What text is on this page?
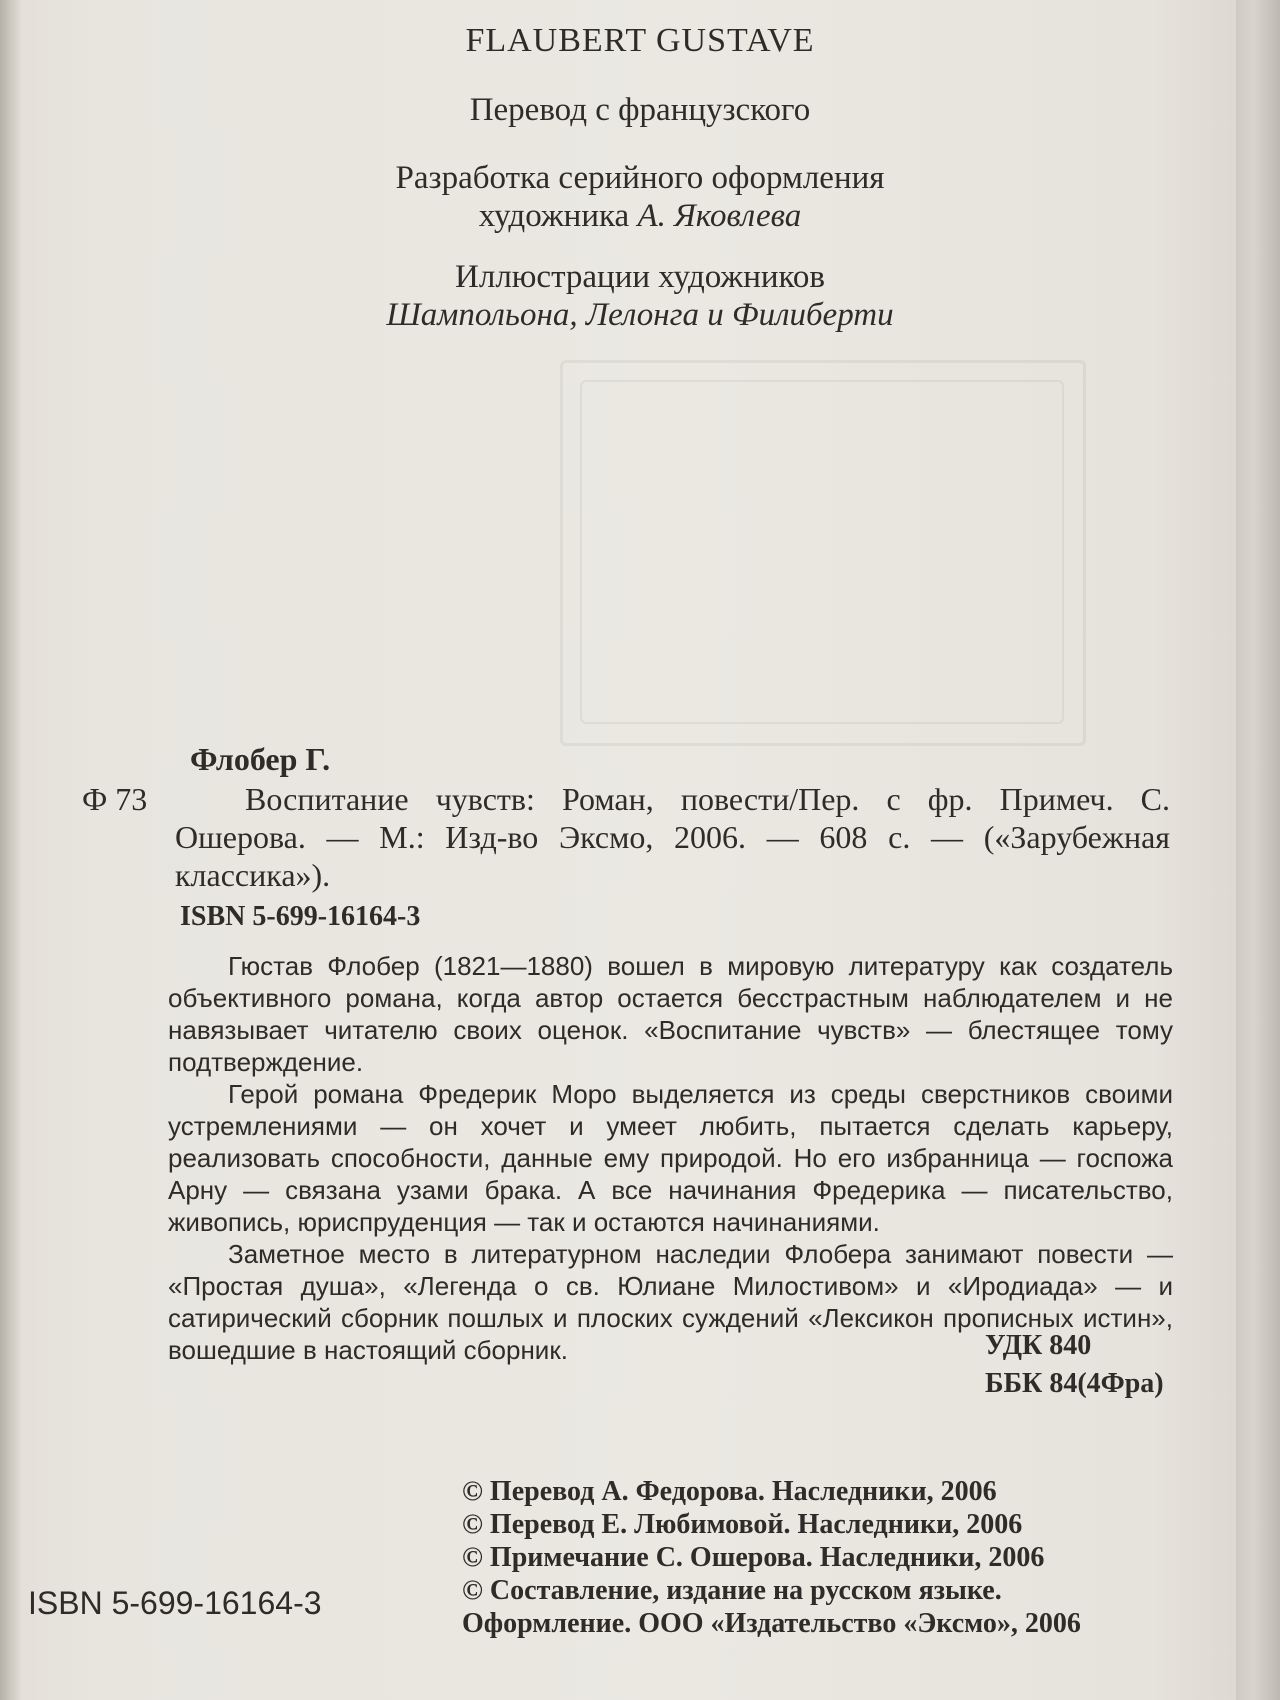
FLAUBERT GUSTAVE
Перевод с французского
Разработка серийного оформления
художника А. Яковлева
Иллюстрации художников
Шампольона, Лелонга и Филиберти
Флобер Г.
Ф 73	Воспитание чувств: Роман, повести/Пер. с фр. Примеч. С. Ошерова. — М.: Изд-во Эксмо, 2006. — 608 с. — («Зарубежная классика»).
ISBN 5-699-16164-3

Гюстав Флобер (1821—1880) вошел в мировую литературу как создатель объективного романа, когда автор остается бесстрастным наблюдателем и не навязывает читателю своих оценок. «Воспитание чувств» — блестящее тому подтверждение.

Герой романа Фредерик Моро выделяется из среды сверстников своими устремлениями — он хочет и умеет любить, пытается сделать карьеру, реализовать способности, данные ему природой. Но его избранница — госпожа Арну — связана узами брака. А все начинания Фредерика — писательство, живопись, юриспруденция — так и остаются начинаниями.

Заметное место в литературном наследии Флобера занимают повести — «Простая душа», «Легенда о св. Юлиане Милостивом» и «Иродиада» — и сатирический сборник пошлых и плоских суждений «Лексикон прописных истин», вошедшие в настоящий сборник.	УДК 840
ББК 84(4Фра)
© Перевод А. Федорова. Наследники, 2006
© Перевод Е. Любимовой. Наследники, 2006
© Примечание С. Ошерова. Наследники, 2006
© Составление, издание на русском языке.
Оформление. ООО «Издательство «Эксмо», 2006
ISBN 5-699-16164-3
